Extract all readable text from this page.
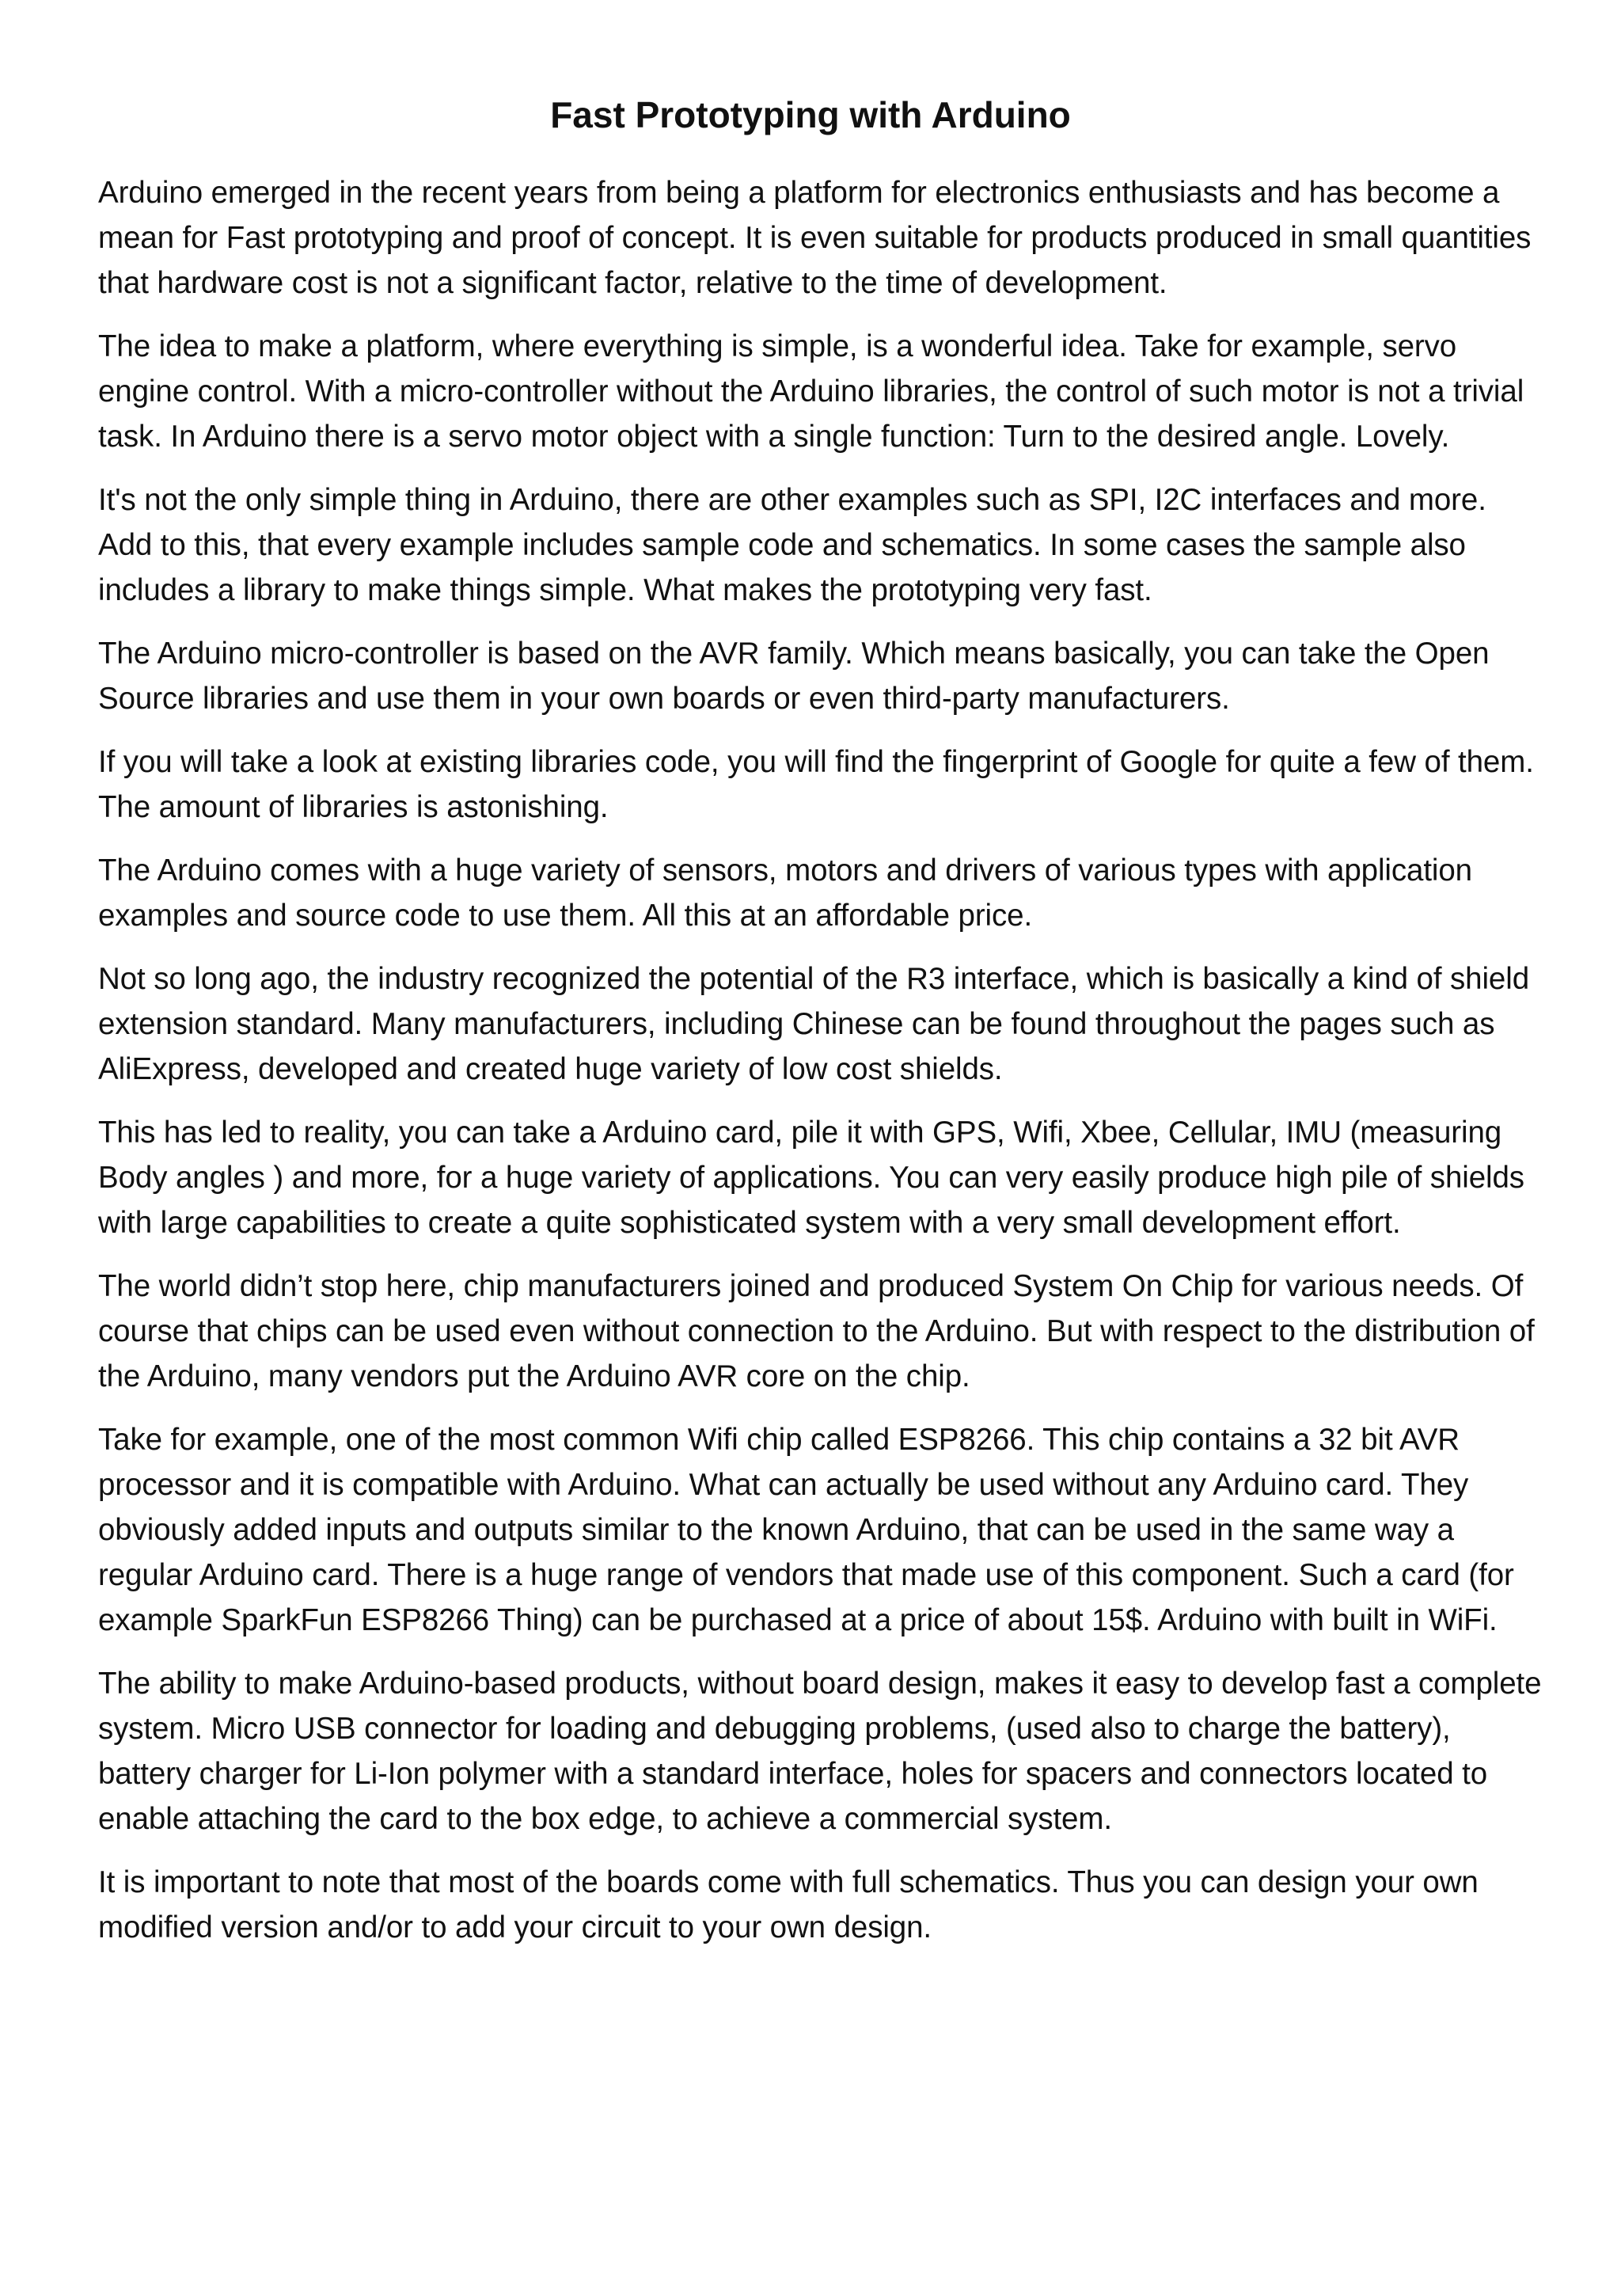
Fast Prototyping with Arduino

Arduino emerged in the recent years from being a platform for electronics enthusiasts and has become a mean for Fast prototyping and proof of concept. It is even suitable for products produced in small quantities that hardware cost is not a significant factor, relative to the time of development.

The idea to make a platform, where everything is simple, is a wonderful idea. Take for example, servo engine control. With a micro-controller without the Arduino libraries, the control of such motor is not a trivial task. In Arduino there is a servo motor object with a single function: Turn to the desired angle. Lovely.

It's not the only simple thing in Arduino, there are other examples such as SPI, I2C interfaces and more. Add to this, that every example includes sample code and schematics. In some cases the sample also includes a library to make things simple. What makes the prototyping very fast.

The Arduino micro-controller is based on the AVR family. Which means basically, you can take the Open Source libraries and use them in your own boards or even third-party manufacturers.

If you will take a look at existing libraries code, you will find the fingerprint of Google for quite a few of them. The amount of libraries is astonishing.

The Arduino comes with a huge variety of sensors, motors and drivers of various types with application examples and source code to use them. All this at an affordable price.

Not so long ago, the industry recognized the potential of the R3 interface, which is basically a kind of shield extension standard. Many manufacturers, including Chinese can be found throughout the pages such as AliExpress, developed and created huge variety of low cost shields.

This has led to reality, you can take a Arduino card, pile it with GPS, Wifi, Xbee, Cellular, IMU (measuring Body angles ) and more, for a huge variety of applications. You can very easily produce high pile of shields with large capabilities to create a quite sophisticated system with a very small development effort.

The world didn’t stop here, chip manufacturers joined and produced System On Chip for various needs. Of course that chips can be used even without connection to the Arduino. But with respect to the distribution of the Arduino, many vendors put the Arduino AVR core on the chip.

Take for example, one of the most common Wifi chip called ESP8266. This chip contains a 32 bit AVR processor and it is compatible with Arduino. What can actually be used without any Arduino card. They obviously added inputs and outputs similar to the known Arduino, that can be used in the same way a regular Arduino card. There is a huge range of vendors that made use of this component. Such a card (for example SparkFun ESP8266 Thing) can be purchased at a price of about 15$. Arduino with built in WiFi.

The ability to make Arduino-based products, without board design, makes it easy to develop fast a complete system. Micro USB connector for loading and debugging problems, (used also to charge the battery), battery charger for Li-Ion polymer with a standard interface, holes for spacers and connectors located to enable attaching the card to the box edge, to achieve a commercial system.

It is important to note that most of the boards come with full schematics. Thus you can design your own modified version and/or to add your circuit to your own design.
